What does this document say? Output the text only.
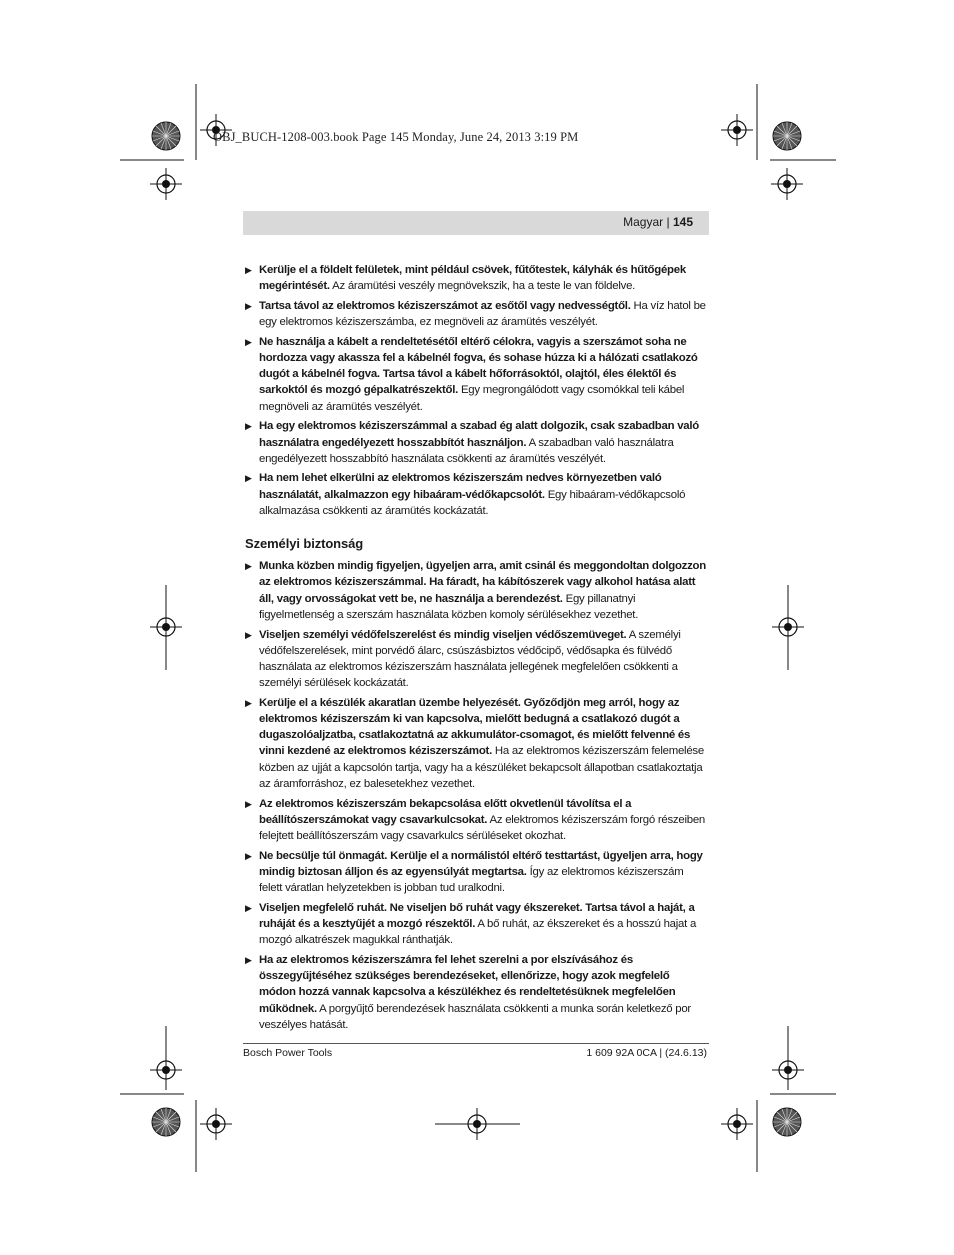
OBJ_BUCH-1208-003.book Page 145 Monday, June 24, 2013 3:19 PM
Magyar | 145
▶ Kerülje el a földelt felületek, mint például csövek, fűtőtestek, kályhák és hűtőgépek megérintését. Az áramütési veszély megnövekszik, ha a teste le van földelve.
▶ Tartsa távol az elektromos kéziszerszámot az esőtől vagy nedvességtől. Ha víz hatol be egy elektromos kéziszerszámba, ez megnöveli az áramütés veszélyét.
▶ Ne használja a kábelt a rendeltetésétől eltérő célokra, vagyis a szerszámot soha ne hordozza vagy akassza fel a kábelnél fogva, és sohase húzza ki a hálózati csatlakozó dugót a kábelnél fogva. Tartsa távol a kábelt hőforrásoktól, olajtól, éles élektől és sarkoktól és mozgó gépalkatrészektől. Egy megrongálódott vagy csomókkal teli kábel megnöveli az áramütés veszélyét.
▶ Ha egy elektromos kéziszerszámmal a szabad ég alatt dolgozik, csak szabadban való használatra engedélyezett hosszabbítót használjon. A szabadban való használatra engedélyezett hosszabbító használata csökkenti az áramütés veszélyét.
▶ Ha nem lehet elkerülni az elektromos kéziszerszám nedves környezetben való használatát, alkalmazzon egy hibaáram-védőkapcsolót. Egy hibaáram-védőkapcsoló alkalmazása csökkenti az áramütés kockázatát.
Személyi biztonság
▶ Munka közben mindig figyeljen, ügyeljen arra, amit csinál és meggondoltan dolgozzon az elektromos kéziszerszámmal. Ha fáradt, ha kábítószerek vagy alkohol hatása alatt áll, vagy orvosságokat vett be, ne használja a berendezést. Egy pillanatnyi figyelmetlenség a szerszám használata közben komoly sérülésekhez vezethet.
▶ Viseljen személyi védőfelszerelést és mindig viseljen védőszemüveget. A személyi védőfelszerelések, mint porvédő álarc, csúszásbiztos védőcipő, védősapka és fülvédő használata az elektromos kéziszerszám használata jellegének megfelelően csökkenti a személyi sérülések kockázatát.
▶ Kerülje el a készülék akaratlan üzembe helyezését. Győződjön meg arról, hogy az elektromos kéziszerszám ki van kapcsolva, mielőtt bedugná a csatlakozó dugót a dugaszolóaljzatba, csatlakoztatná az akkumulátor-csomagot, és mielőtt felvenné és vinni kezdené az elektromos kéziszerszámot. Ha az elektromos kéziszerszám felemelése közben az ujját a kapcsolón tartja, vagy ha a készüléket bekapcsolt állapotban csatlakoztatja az áramforráshoz, ez balesetekhez vezethet.
▶ Az elektromos kéziszerszám bekapcsolása előtt okvetlenül távolítsa el a beállítószerszámokat vagy csavarkulcsokat. Az elektromos kéziszerszám forgó részeiben felejtett beállítószerszám vagy csavarkulcs sérüléseket okozhat.
▶ Ne becsülje túl önmagát. Kerülje el a normálistól eltérő testtartást, ügyeljen arra, hogy mindig biztosan álljon és az egyensúlyát megtartsa. Így az elektromos kéziszerszám felett váratlan helyzetekben is jobban tud uralkodni.
▶ Viseljen megfelelő ruhát. Ne viseljen bő ruhát vagy ékszereket. Tartsa távol a haját, a ruháját és a kesztyűjét a mozgó részektől. A bő ruhát, az ékszereket és a hosszú hajat a mozgó alkatrészek magukkal ránthatják.
▶ Ha az elektromos kéziszerszámra fel lehet szerelni a por elszívásához és összegyűjtéséhez szükséges berendezéseket, ellenőrizze, hogy azok megfelelő módon hozzá vannak kapcsolva a készülékhez és rendeltetésüknek megfelelően működnek. A porgyűjtő berendezések használata csökkenti a munka során keletkező por veszélyes hatását.
Bosch Power Tools	1 609 92A 0CA | (24.6.13)
